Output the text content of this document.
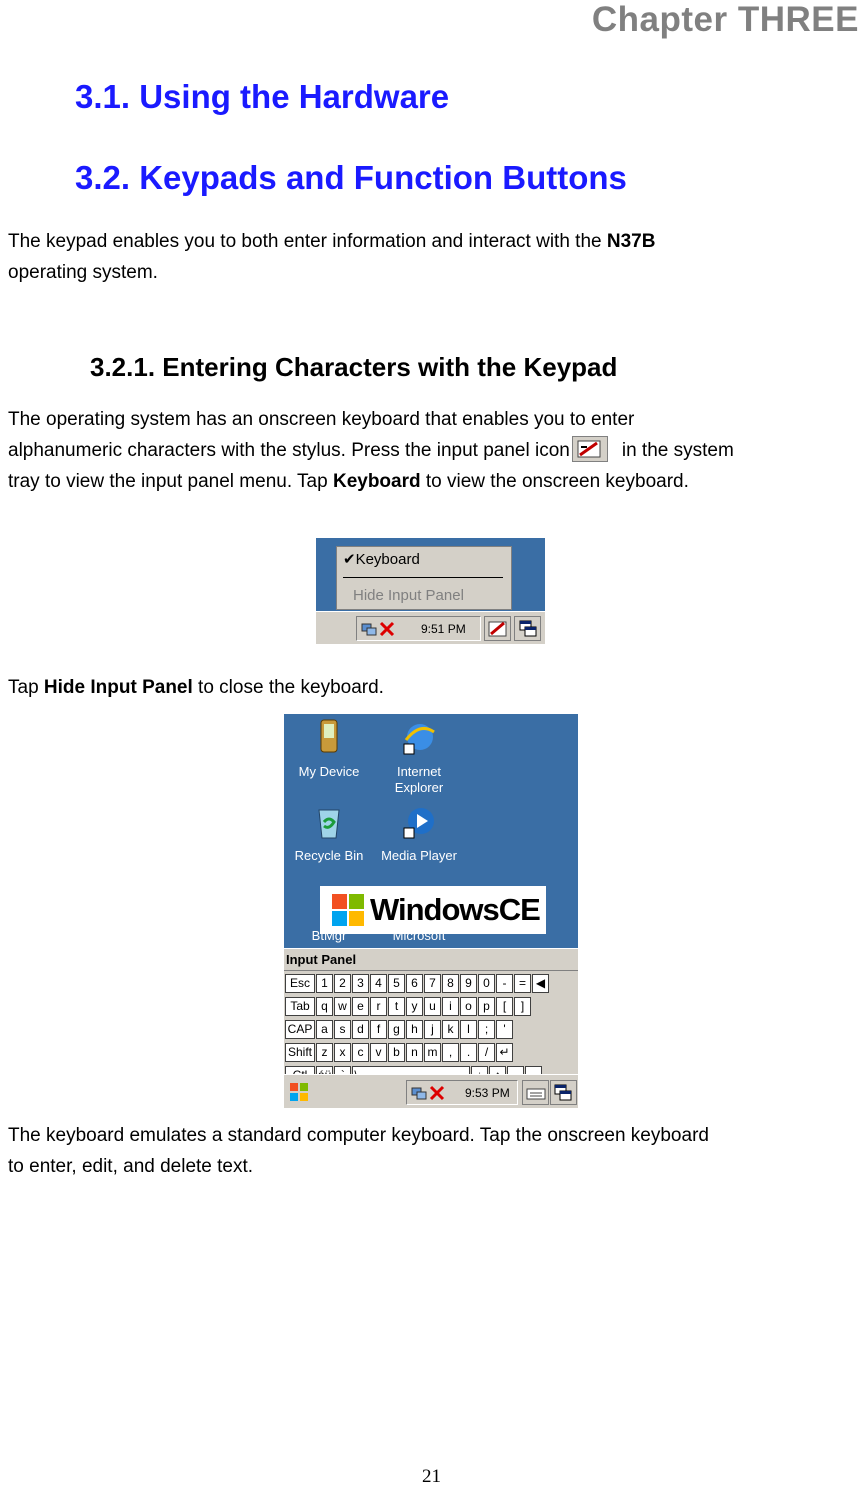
Chapter THREE
3.1. Using the Hardware
3.2. Keypads and Function Buttons
The keypad enables you to both enter information and interact with the N37B
operating system.
3.2.1. Entering Characters with the Keypad
The operating system has an onscreen keyboard that enables you to enter
alphanumeric characters with the stylus. Press the input panel icon	in the system
tray to view the input panel menu. Tap Keyboard to view the onscreen keyboard.
✔Keyboard
Hide Input Panel
9:51 PM
Tap Hide Input Panel to close the keyboard.
My Device	Internet Explorer
Recycle Bin	Media Player
WindowsCE
BtMgr	Microsoft
Input Panel
Esc 1 2 3 4 5 6 7 8 9 0	-	= ◀
Tab q w e	r	t	y u	i	o p	[	]
CAP a s d	f	g h	j	k	l	;	'
Shift z	x	c	v b n m ,	.	/ ↵
9:53 PM
The keyboard emulates a standard computer keyboard. Tap the onscreen keyboard
to enter, edit, and delete text.
21
